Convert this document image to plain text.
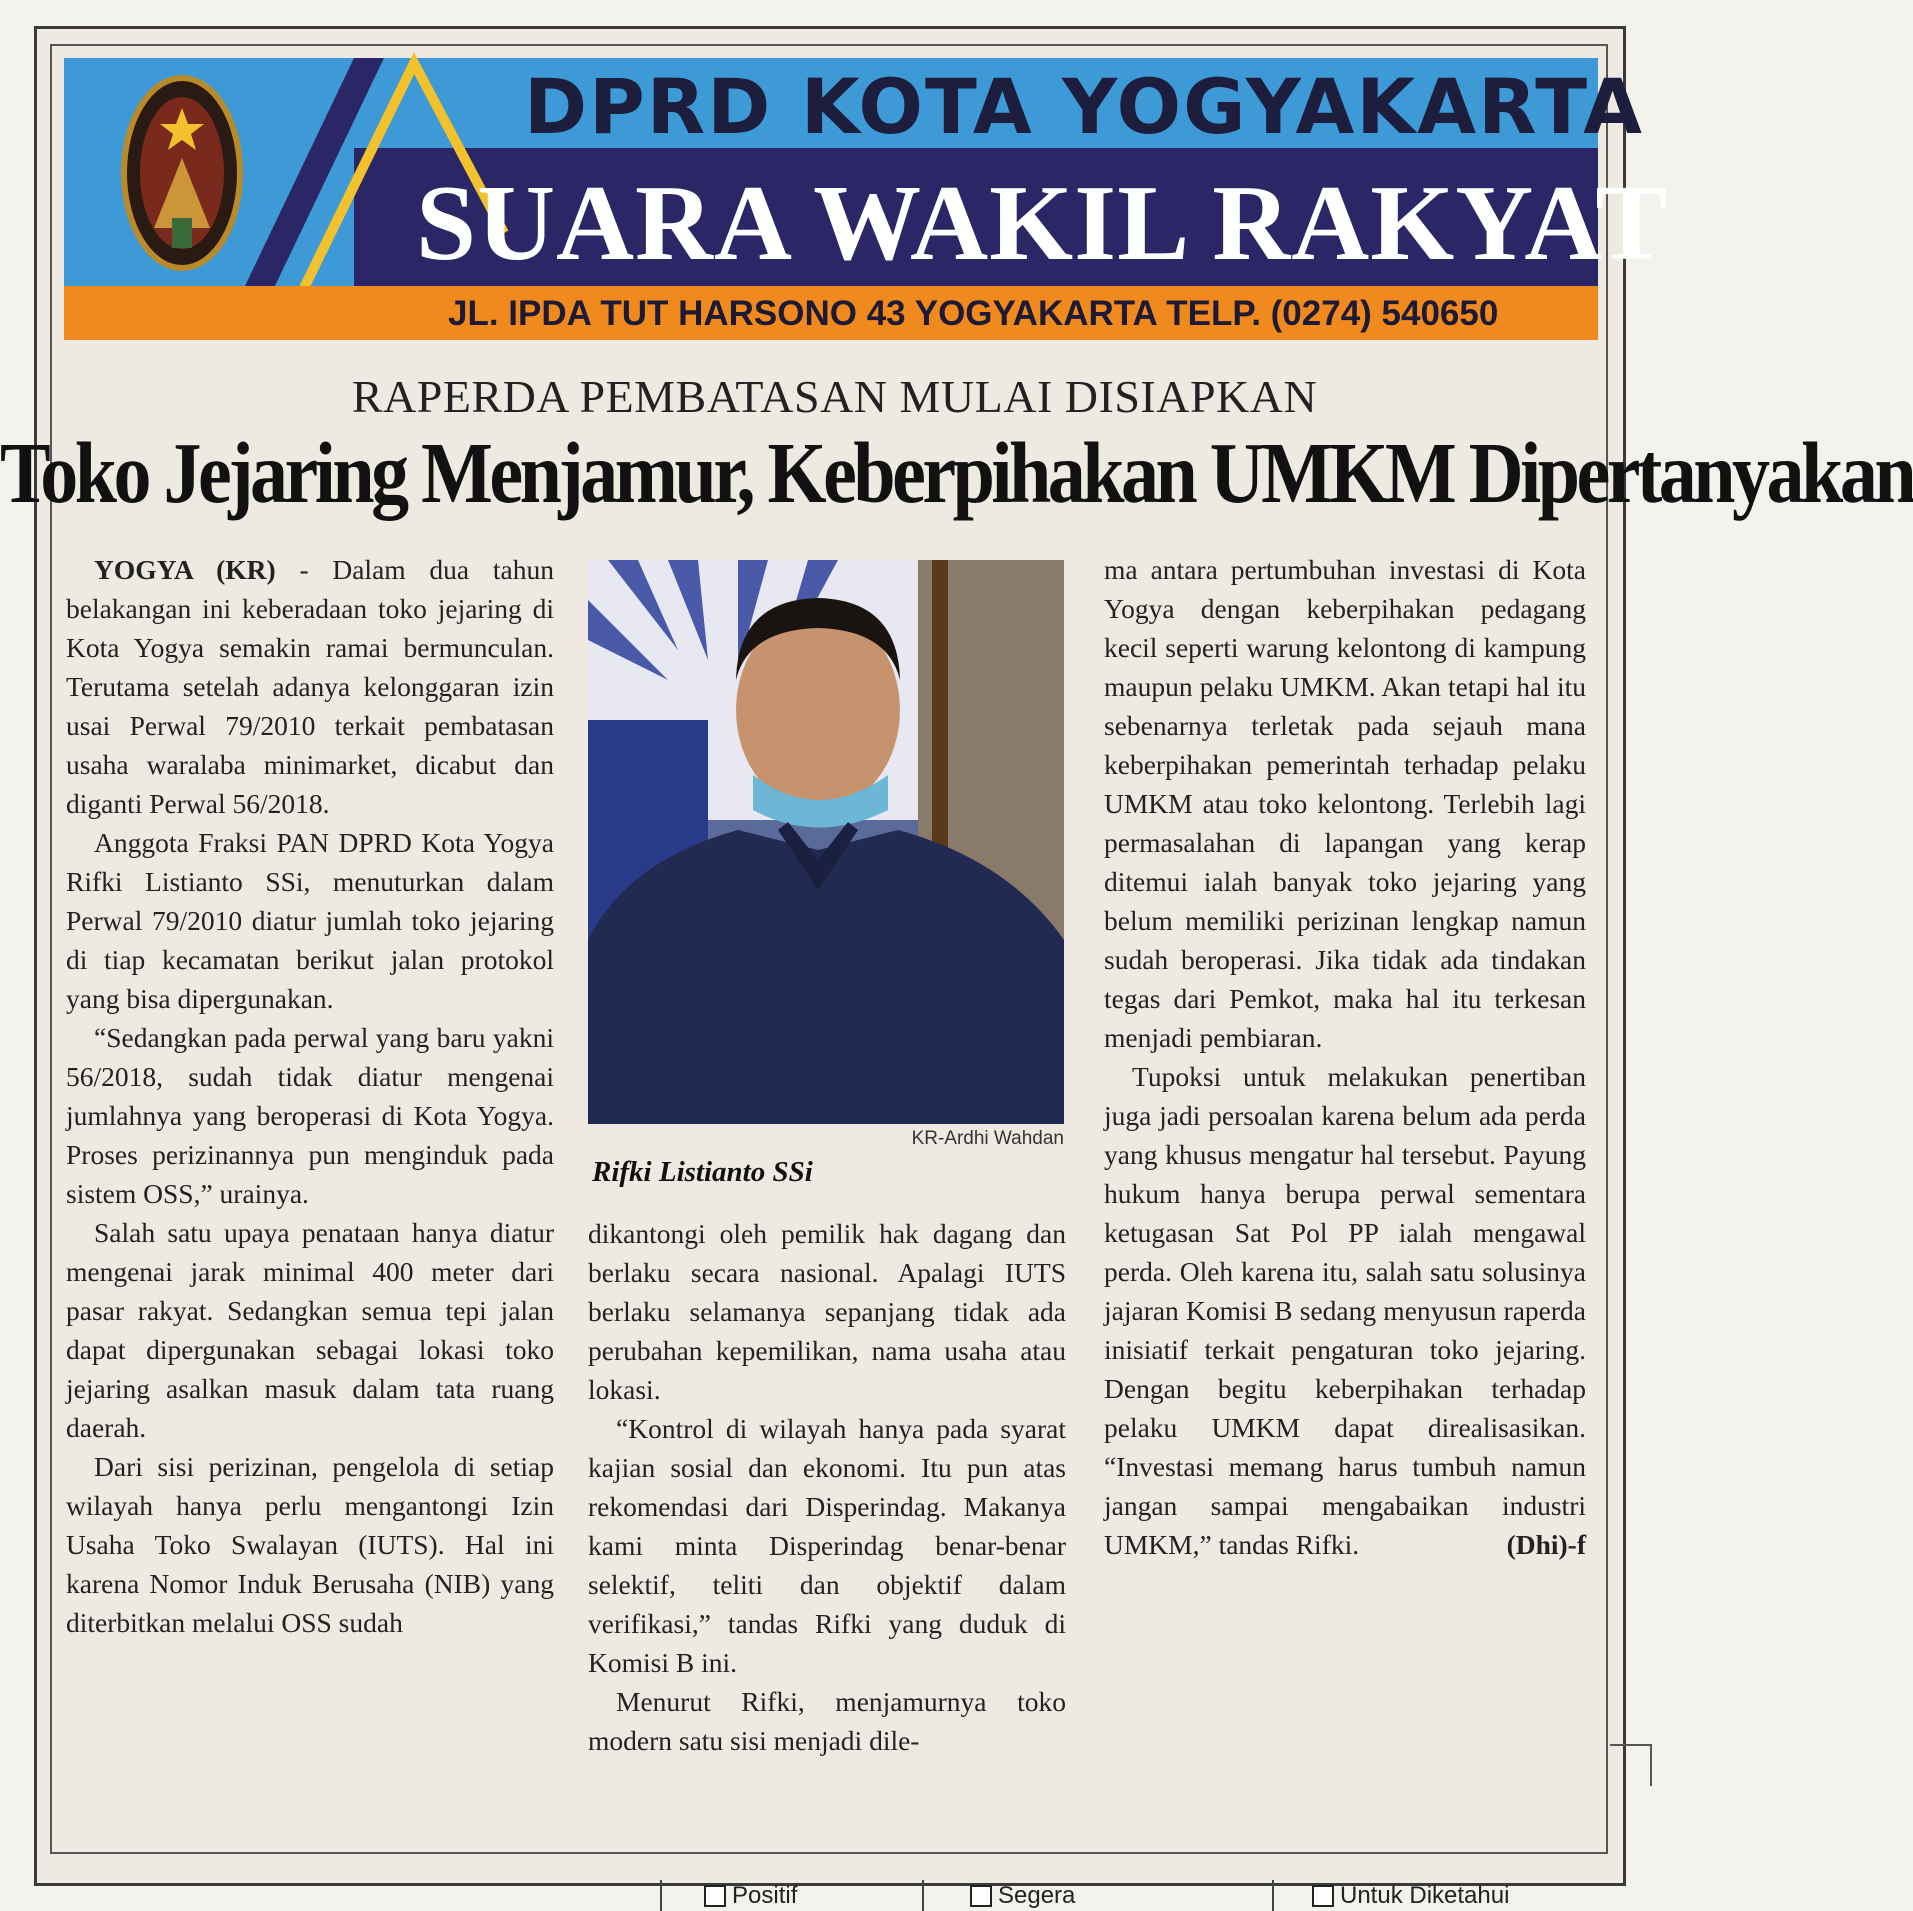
DPRD KOTA YOGYAKARTA
SUARA WAKIL RAKYAT
JL. IPDA TUT HARSONO 43 YOGYAKARTA TELP. (0274) 540650
RAPERDA PEMBATASAN MULAI DISIAPKAN
Toko Jejaring Menjamur, Keberpihakan UMKM Dipertanyakan

YOGYA (KR) - Dalam dua tahun belakangan ini keberadaan toko jejaring di Kota Yogya semakin ramai bermunculan. Terutama setelah adanya kelonggaran izin usai Perwal 79/2010 terkait pembatasan usaha waralaba minimarket, dicabut dan diganti Perwal 56/2018.

Anggota Fraksi PAN DPRD Kota Yogya Rifki Listianto SSi, menuturkan dalam Perwal 79/2010 diatur jumlah toko jejaring di tiap kecamatan berikut jalan protokol yang bisa dipergunakan.

“Sedangkan pada perwal yang baru yakni 56/2018, sudah tidak diatur mengenai jumlahnya yang beroperasi di Kota Yogya. Proses perizinannya pun menginduk pada sistem OSS,” urainya.

Salah satu upaya penataan hanya diatur mengenai jarak minimal 400 meter dari pasar rakyat. Sedangkan semua tepi jalan dapat dipergunakan sebagai lokasi toko jejaring asalkan masuk dalam tata ruang daerah.

Dari sisi perizinan, pengelola di setiap wilayah hanya perlu mengantongi Izin Usaha Toko Swalayan (IUTS). Hal ini karena Nomor Induk Berusaha (NIB) yang diterbitkan melalui OSS sudah

KR-Ardhi Wahdan
Rifki Listianto SSi

dikantongi oleh pemilik hak dagang dan berlaku secara nasional. Apalagi IUTS berlaku selamanya sepanjang tidak ada perubahan kepemilikan, nama usaha atau lokasi.

“Kontrol di wilayah hanya pada syarat kajian sosial dan ekonomi. Itu pun atas rekomendasi dari Disperindag. Makanya kami minta Disperindag benar-benar selektif, teliti dan objektif dalam verifikasi,” tandas Rifki yang duduk di Komisi B ini.

Menurut Rifki, menjamurnya toko modern satu sisi menjadi dile-

ma antara pertumbuhan investasi di Kota Yogya dengan keberpihakan pedagang kecil seperti warung kelontong di kampung maupun pelaku UMKM. Akan tetapi hal itu sebenarnya terletak pada sejauh mana keberpihakan pemerintah terhadap pelaku UMKM atau toko kelontong. Terlebih lagi permasalahan di lapangan yang kerap ditemui ialah banyak toko jejaring yang belum memiliki perizinan lengkap namun sudah beroperasi. Jika tidak ada tindakan tegas dari Pemkot, maka hal itu terkesan menjadi pembiaran.

Tupoksi untuk melakukan penertiban juga jadi persoalan karena belum ada perda yang khusus mengatur hal tersebut. Payung hukum hanya berupa perwal sementara ketugasan Sat Pol PP ialah mengawal perda. Oleh karena itu, salah satu solusinya jajaran Komisi B sedang menyusun raperda inisiatif terkait pengaturan toko jejaring. Dengan begitu keberpihakan terhadap pelaku UMKM dapat direalisasikan. “Investasi memang harus tumbuh namun jangan sampai mengabaikan industri UMKM,” tandas Rifki.	(Dhi)-f

Positif	Segera	Untuk Diketahui
